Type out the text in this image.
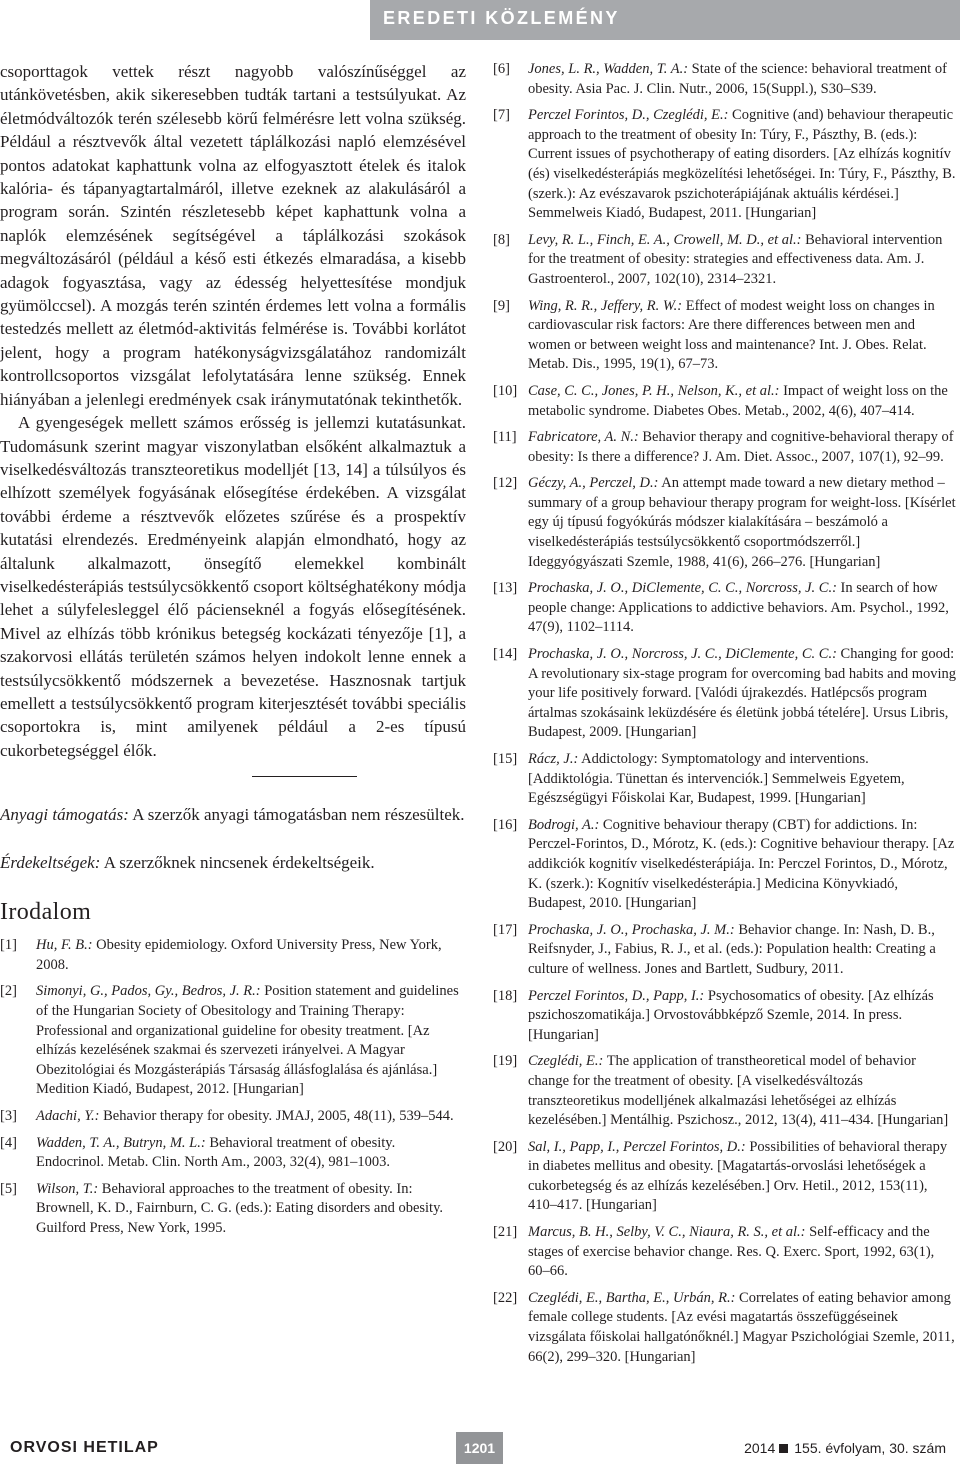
EREDETI KÖZLEMÉNY

csoporttagok vettek részt nagyobb valószínűséggel az utánkövetésben, akik sikeresebben tudták tartani a testsúlyukat. Az életmódváltozók terén szélesebb körű felmérésre lett volna szükség. Például a résztvevők által vezetett táplálkozási napló elemzésével pontos adatokat kaphattunk volna az elfogyasztott ételek és italok kalória- és tápanyagtartalmáról, illetve ezeknek az alakulásáról a program során. Szintén részletesebb képet kaphattunk volna a naplók elemzésének segítségével a táplálkozási szokások megváltozásáról (például a késő esti étkezés elmaradása, a kisebb adagok fogyasztása, vagy az édesség helyettesítése mondjuk gyümölccsel). A mozgás terén szintén érdemes lett volna a formális testedzés mellett az életmód-aktivitás felmérése is. További korlátot jelent, hogy a program hatékonyságvizsgálatához randomizált kontrollcsoportos vizsgálat lefolytatására lenne szükség. Ennek hiányában a jelenlegi eredmények csak iránymutatónak tekinthetők.

A gyengeségek mellett számos erősség is jellemzi kutatásunkat. Tudomásunk szerint magyar viszonylatban elsőként alkalmaztuk a viselkedésváltozás transzteoretikus modelljét [13, 14] a túlsúlyos és elhízott személyek fogyásának elősegítése érdekében. A vizsgálat további érdeme a résztvevők előzetes szűrése és a prospektív kutatási elrendezés. Eredményeink alapján elmondható, hogy az általunk alkalmazott, önsegítő elemekkel kombinált viselkedésterápiás testsúlycsökkentő csoport költséghatékony módja lehet a súlyfelesleggel élő pácienseknél a fogyás elősegítésének. Mivel az elhízás több krónikus betegség kockázati tényezője [1], a szakorvosi ellátás területén számos helyen indokolt lenne ennek a testsúlycsökkentő módszernek a bevezetése. Hasznosnak tartjuk emellett a testsúlycsökkentő program kiterjesztését további speciális csoportokra is, mint amilyenek például a 2-es típusú cukorbetegséggel élők.

Anyagi támogatás: A szerzők anyagi támogatásban nem részesültek.

Érdekeltségek: A szerzőknek nincsenek érdekeltségeik.

Irodalom
[1] Hu, F. B.: Obesity epidemiology. Oxford University Press, New York, 2008.
[2] Simonyi, G., Pados, Gy., Bedros, J. R.: Position statement and guidelines of the Hungarian Society of Obesitology and Training Therapy: Professional and organizational guideline for obesity treatment. [Az elhízás kezelésének szakmai és szervezeti irányelvei. A Magyar Obezitológiai és Mozgásterápiás Társaság állásfoglalása és ajánlása.] Medition Kiadó, Budapest, 2012. [Hungarian]
[3] Adachi, Y.: Behavior therapy for obesity. JMAJ, 2005, 48(11), 539–544.
[4] Wadden, T. A., Butryn, M. L.: Behavioral treatment of obesity. Endocrinol. Metab. Clin. North Am., 2003, 32(4), 981–1003.
[5] Wilson, T.: Behavioral approaches to the treatment of obesity. In: Brownell, K. D., Fairnburn, C. G. (eds.): Eating disorders and obesity. Guilford Press, New York, 1995.
[6] Jones, L. R., Wadden, T. A.: State of the science: behavioral treatment of obesity. Asia Pac. J. Clin. Nutr., 2006, 15(Suppl.), S30–S39.
[7] Perczel Forintos, D., Czeglédi, E.: Cognitive (and) behaviour therapeutic approach to the treatment of obesity In: Túry, F., Pászthy, B. (eds.): Current issues of psychotherapy of eating disorders. [Az elhízás kognitív (és) viselkedésterápiás megközelítési lehetőségei. In: Túry, F., Pászthy, B. (szerk.): Az evészavarok pszichoterápiájának aktuális kérdései.] Semmelweis Kiadó, Budapest, 2011. [Hungarian]
[8] Levy, R. L., Finch, E. A., Crowell, M. D., et al.: Behavioral intervention for the treatment of obesity: strategies and effectiveness data. Am. J. Gastroenterol., 2007, 102(10), 2314–2321.
[9] Wing, R. R., Jeffery, R. W.: Effect of modest weight loss on changes in cardiovascular risk factors: Are there differences between men and women or between weight loss and maintenance? Int. J. Obes. Relat. Metab. Dis., 1995, 19(1), 67–73.
[10] Case, C. C., Jones, P. H., Nelson, K., et al.: Impact of weight loss on the metabolic syndrome. Diabetes Obes. Metab., 2002, 4(6), 407–414.
[11] Fabricatore, A. N.: Behavior therapy and cognitive-behavioral therapy of obesity: Is there a difference? J. Am. Diet. Assoc., 2007, 107(1), 92–99.
[12] Géczy, A., Perczel, D.: An attempt made toward a new dietary method – summary of a group behaviour therapy program for weight-loss. [Kísérlet egy új típusú fogyókúrás módszer kialakítására – beszámoló a viselkedésterápiás testsúlycsökkentő csoportmódszerről.] Ideggyógyászati Szemle, 1988, 41(6), 266–276. [Hungarian]
[13] Prochaska, J. O., DiClemente, C. C., Norcross, J. C.: In search of how people change: Applications to addictive behaviors. Am. Psychol., 1992, 47(9), 1102–1114.
[14] Prochaska, J. O., Norcross, J. C., DiClemente, C. C.: Changing for good: A revolutionary six-stage program for overcoming bad habits and moving your life positively forward. [Valódi újrakezdés. Hatlépcsős program ártalmas szokásaink leküzdésére és életünk jobbá tételére]. Ursus Libris, Budapest, 2009. [Hungarian]
[15] Rácz, J.: Addictology: Symptomatology and interventions. [Addiktológia. Tünettan és intervenciók.] Semmelweis Egyetem, Egészségügyi Főiskolai Kar, Budapest, 1999. [Hungarian]
[16] Bodrogi, A.: Cognitive behaviour therapy (CBT) for addictions. In: Perczel-Forintos, D., Mórotz, K. (eds.): Cognitive behaviour therapy. [Az addikciók kognitív viselkedésterápiája. In: Perczel Forintos, D., Mórotz, K. (szerk.): Kognitív viselkedésterápia.] Medicina Könyvkiadó, Budapest, 2010. [Hungarian]
[17] Prochaska, J. O., Prochaska, J. M.: Behavior change. In: Nash, D. B., Reifsnyder, J., Fabius, R. J., et al. (eds.): Population health: Creating a culture of wellness. Jones and Bartlett, Sudbury, 2011.
[18] Perczel Forintos, D., Papp, I.: Psychosomatics of obesity. [Az elhízás pszichoszomatikája.] Orvostovábbképző Szemle, 2014. In press. [Hungarian]
[19] Czeglédi, E.: The application of transtheoretical model of behavior change for the treatment of obesity. [A viselkedésváltozás transzteoretikus modelljének alkalmazási lehetőségei az elhízás kezelésében.] Mentálhig. Pszichosz., 2012, 13(4), 411–434. [Hungarian]
[20] Sal, I., Papp, I., Perczel Forintos, D.: Possibilities of behavioral therapy in diabetes mellitus and obesity. [Magatartás-orvoslási lehetőségek a cukorbetegség és az elhízás kezelésében.] Orv. Hetil., 2012, 153(11), 410–417. [Hungarian]
[21] Marcus, B. H., Selby, V. C., Niaura, R. S., et al.: Self-efficacy and the stages of exercise behavior change. Res. Q. Exerc. Sport, 1992, 63(1), 60–66.
[22] Czeglédi, E., Bartha, E., Urbán, R.: Correlates of eating behavior among female college students. [Az evési magatartás összefüggéseinek vizsgálata főiskolai hallgatónőknél.] Magyar Pszichológiai Szemle, 2011, 66(2), 299–320. [Hungarian]
ORVOSI HETILAP	1201	2014 155. évfolyam, 30. szám
